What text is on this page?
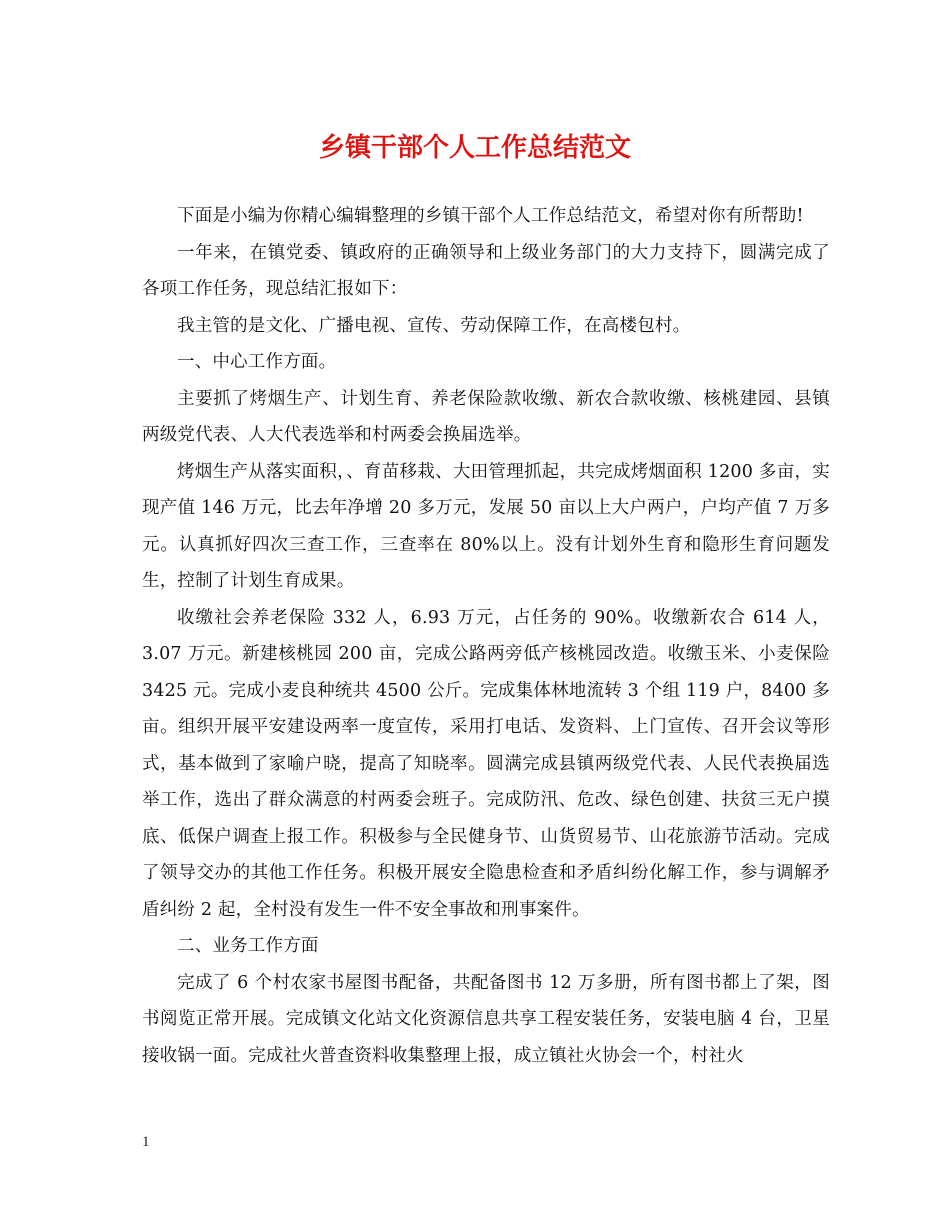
乡镇干部个人工作总结范文

下面是小编为你精心编辑整理的乡镇干部个人工作总结范文，希望对你有所帮助!

一年来，在镇党委、镇政府的正确领导和上级业务部门的大力支持下，圆满完成了各项工作任务，现总结汇报如下：

我主管的是文化、广播电视、宣传、劳动保障工作，在高楼包村。

一、中心工作方面。

主要抓了烤烟生产、计划生育、养老保险款收缴、新农合款收缴、核桃建园、县镇两级党代表、人大代表选举和村两委会换届选举。

烤烟生产从落实面积，、育苗移栽、大田管理抓起，共完成烤烟面积 1200 多亩，实现产值 146 万元，比去年净增 20 多万元，发展 50 亩以上大户两户，户均产值 7 万多元。认真抓好四次三查工作，三查率在 80%以上。没有计划外生育和隐形生育问题发生，控制了计划生育成果。

收缴社会养老保险 332 人，6.93 万元，占任务的 90%。收缴新农合 614 人，3.07 万元。新建核桃园 200 亩，完成公路两旁低产核桃园改造。收缴玉米、小麦保险 3425 元。完成小麦良种统共 4500 公斤。完成集体林地流转 3 个组 119 户，8400 多亩。组织开展平安建设两率一度宣传，采用打电话、发资料、上门宣传、召开会议等形式，基本做到了家喻户晓，提高了知晓率。圆满完成县镇两级党代表、人民代表换届选举工作，选出了群众满意的村两委会班子。完成防汛、危改、绿色创建、扶贫三无户摸底、低保户调查上报工作。积极参与全民健身节、山货贸易节、山花旅游节活动。完成了领导交办的其他工作任务。积极开展安全隐患检查和矛盾纠纷化解工作，参与调解矛盾纠纷 2 起，全村没有发生一件不安全事故和刑事案件。

二、业务工作方面

完成了 6 个村农家书屋图书配备，共配备图书 12 万多册，所有图书都上了架，图书阅览正常开展。完成镇文化站文化资源信息共享工程安装任务，安装电脑 4 台，卫星接收锅一面。完成社火普查资料收集整理上报，成立镇社火协会一个，村社火

1
